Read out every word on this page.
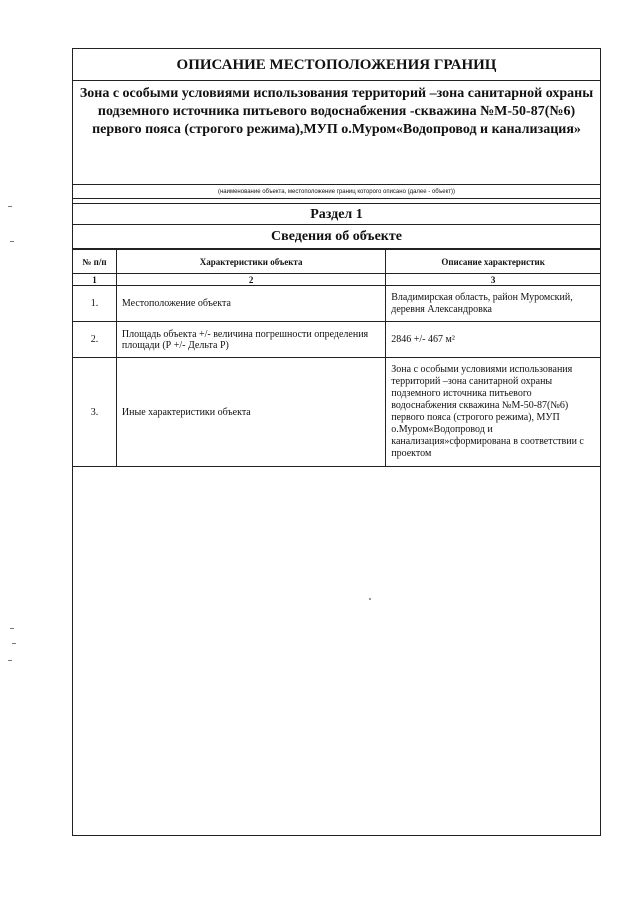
ОПИСАНИЕ МЕСТОПОЛОЖЕНИЯ ГРАНИЦ
Зона с особыми условиями использования территорий –зона санитарной охраны
подземного источника питьевого водоснабжения -скважина №М-50-87(№6)
первого пояса (строгого режима),МУП о.Муром«Водопровод и канализация»
(наименование объекта, местоположение границ которого описано (далее - объект))
Раздел 1
Сведения об объекте
№ п/п	Характеристики объекта	Описание характеристик
1	2	3
1.	Местоположение объекта	Владимирская область, район Муромский, деревня Александровка
2.	Площадь объекта +/- величина погрешности определения площади (Р +/- Дельта Р)	2846 +/- 467 м²
3.	Иные характеристики объекта	Зона с особыми условиями использования территорий –зона санитарной охраны подземного источника питьевого водоснабжения скважина №М-50-87(№6) первого пояса (строгого режима), МУП о.Муром«Водопровод и канализация»сформирована в соответствии с проектом
